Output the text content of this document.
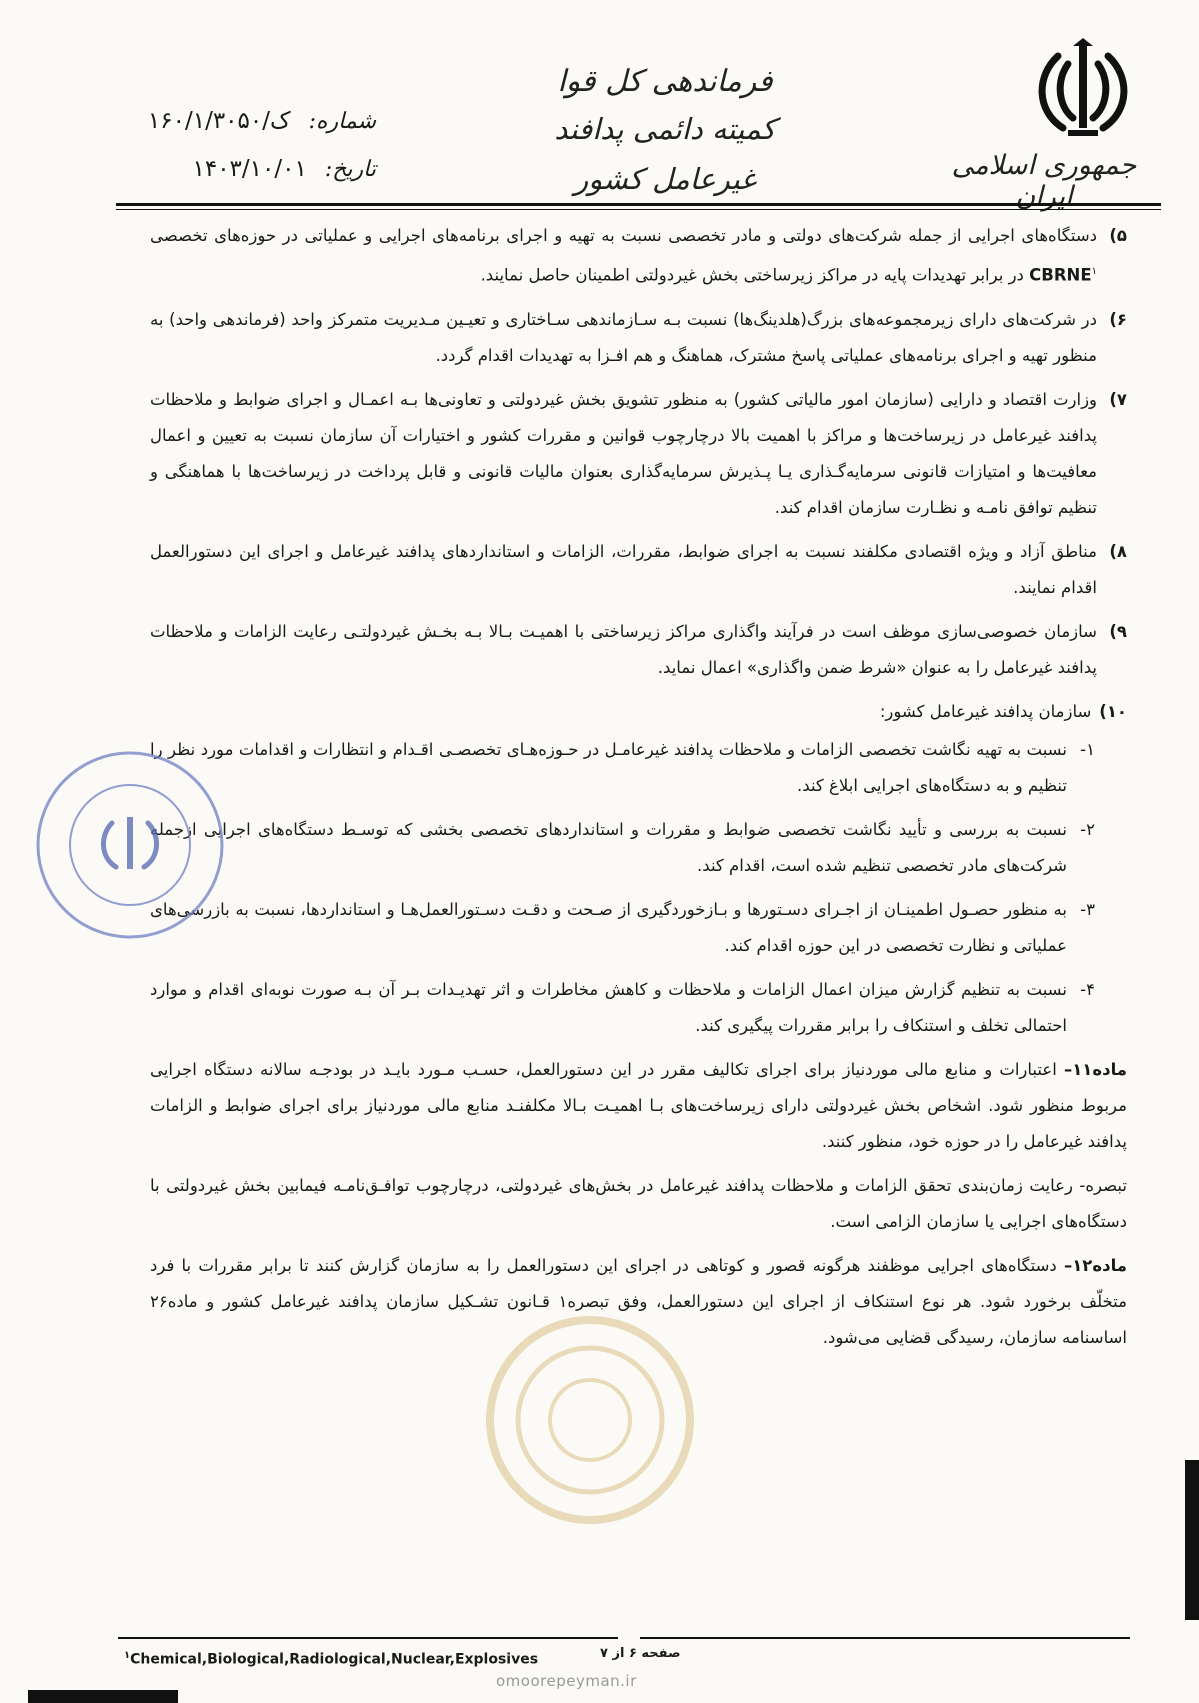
جمهوری اسلامی ایران
فرماندهی کل قوا
کمیته دائمی پدافند غیرعامل کشور
شماره:
۱۶۰/۱/۳۰۵۰/ک
تاریخ:
۱۴۰۳/۱۰/۰۱

۵)
دستگاه‌های اجرایی از جمله شرکت‌های دولتی و مادر تخصصی نسبت به تهیه و اجرای برنامه‌های اجرایی و عملیاتی در حوزه‌های تخصصی CBRNE$^۱$ در برابر تهدیدات پایه در مراکز زیرساختی بخش غیردولتی اطمینان حاصل نمایند.

۶)
در شرکت‌های دارای زیرمجموعه‌های بزرگ(هلدینگ‌ها) نسبت بـه سـازماندهی سـاختاری و تعیـین مـدیریت متمرکز واحد (فرماندهی واحد) به منظور تهیه و اجرای برنامه‌های عملیاتی پاسخ مشترک، هماهنگ و هم افـزا به تهدیدات اقدام گردد.

۷)
وزارت اقتصاد و دارایی (سازمان امور مالیاتی کشور) به منظور تشویق بخش غیردولتی و تعاونی‌ها بـه اعمـال و اجرای ضوابط و ملاحظات پدافند غیرعامل در زیرساخت‌ها و مراکز با اهمیت بالا درچارچوب قوانین و مقررات کشور و اختیارات آن سازمان نسبت به تعیین و اعمال معافیت‌ها و امتیازات قانونی سرمایه‌گـذاری یـا پـذیرش سرمایه‌گذاری بعنوان مالیات قانونی و قابل پرداخت در زیرساخت‌ها با هماهنگی و تنظیم توافق نامـه و نظـارت سازمان اقدام کند.

۸)
مناطق آزاد و ویژه اقتصادی مکلفند نسبت به اجرای ضوابط، مقررات، الزامات و استانداردهای پدافند غیرعامل و اجرای این دستورالعمل اقدام نمایند.

۹)
سازمان خصوصی‌سازی موظف است در فرآیند واگذاری مراکز زیرساختی با اهمیـت بـالا بـه بخـش غیردولتـی رعایت الزامات و ملاحظات پدافند غیرعامل را به عنوان «شرط ضمن واگذاری» اعمال نماید.

۱۰)
سازمان پدافند غیرعامل کشور:

۱-
نسبت به تهیه نگاشت تخصصی الزامات و ملاحظات پدافند غیرعامـل در حـوزه‌هـای تخصصـی اقـدام و انتظارات و اقدامات مورد نظر را تنظیم و به دستگاه‌های اجرایی ابلاغ کند.

۲-
نسبت به بررسی و تأیید نگاشت تخصصی ضوابط و مقررات و استانداردهای تخصصی بخشی که توسـط دستگاه‌های اجرایی ازجمله شرکت‌های مادر تخصصی تنظیم شده است، اقدام کند.

۳-
به منظور حصـول اطمینـان از اجـرای دسـتورها و بـازخوردگیری از صـحت و دقـت دسـتورالعمل‌هـا و استانداردها، نسبت به بازرسی‌های عملیاتی و نظارت تخصصی در این حوزه اقدام کند.

۴-
نسبت به تنظیم گزارش میزان اعمال الزامات و ملاحظات و کاهش مخاطرات و اثر تهدیـدات بـر آن بـه صورت نوبه‌ای اقدام و موارد احتمالی تخلف و استنکاف را برابر مقررات پیگیری کند.

ماده۱۱– اعتبارات و منابع مالی موردنیاز برای اجرای تکالیف مقرر در این دستورالعمل، حسـب مـورد بایـد در بودجـه سالانه دستگاه اجرایی مربوط منظور شود. اشخاص بخش غیردولتی دارای زیرساخت‌های بـا اهمیـت بـالا مکلفنـد منابع مالی موردنیاز برای اجرای ضوابط و الزامات پدافند غیرعامل را در حوزه خود، منظور کنند.

تبصره- رعایت زمان‌بندی تحقق الزامات و ملاحظات پدافند غیرعامل در بخش‌های غیردولتی، درچارچوب توافـق‌نامـه فیمابین بخش غیردولتی با دستگاه‌های اجرایی یا سازمان الزامی است.

ماده۱۲– دستگاه‌های اجرایی موظفند هرگونه قصور و کوتاهی در اجرای این دستورالعمل را به سازمان گزارش کنند تا برابر مقررات با فرد متخلّف برخورد شود. هر نوع استنکاف از اجرای این دستورالعمل، وفق تبصره۱ قـانون تشـکیل سازمان پدافند غیرعامل کشور و ماده۲۶ اساسنامه سازمان، رسیدگی قضایی می‌شود.

$^۱$Chemical,Biological,Radiological,Nuclear,Explosives	صفحه ۶ از ۷
omoorepeyman.ir
